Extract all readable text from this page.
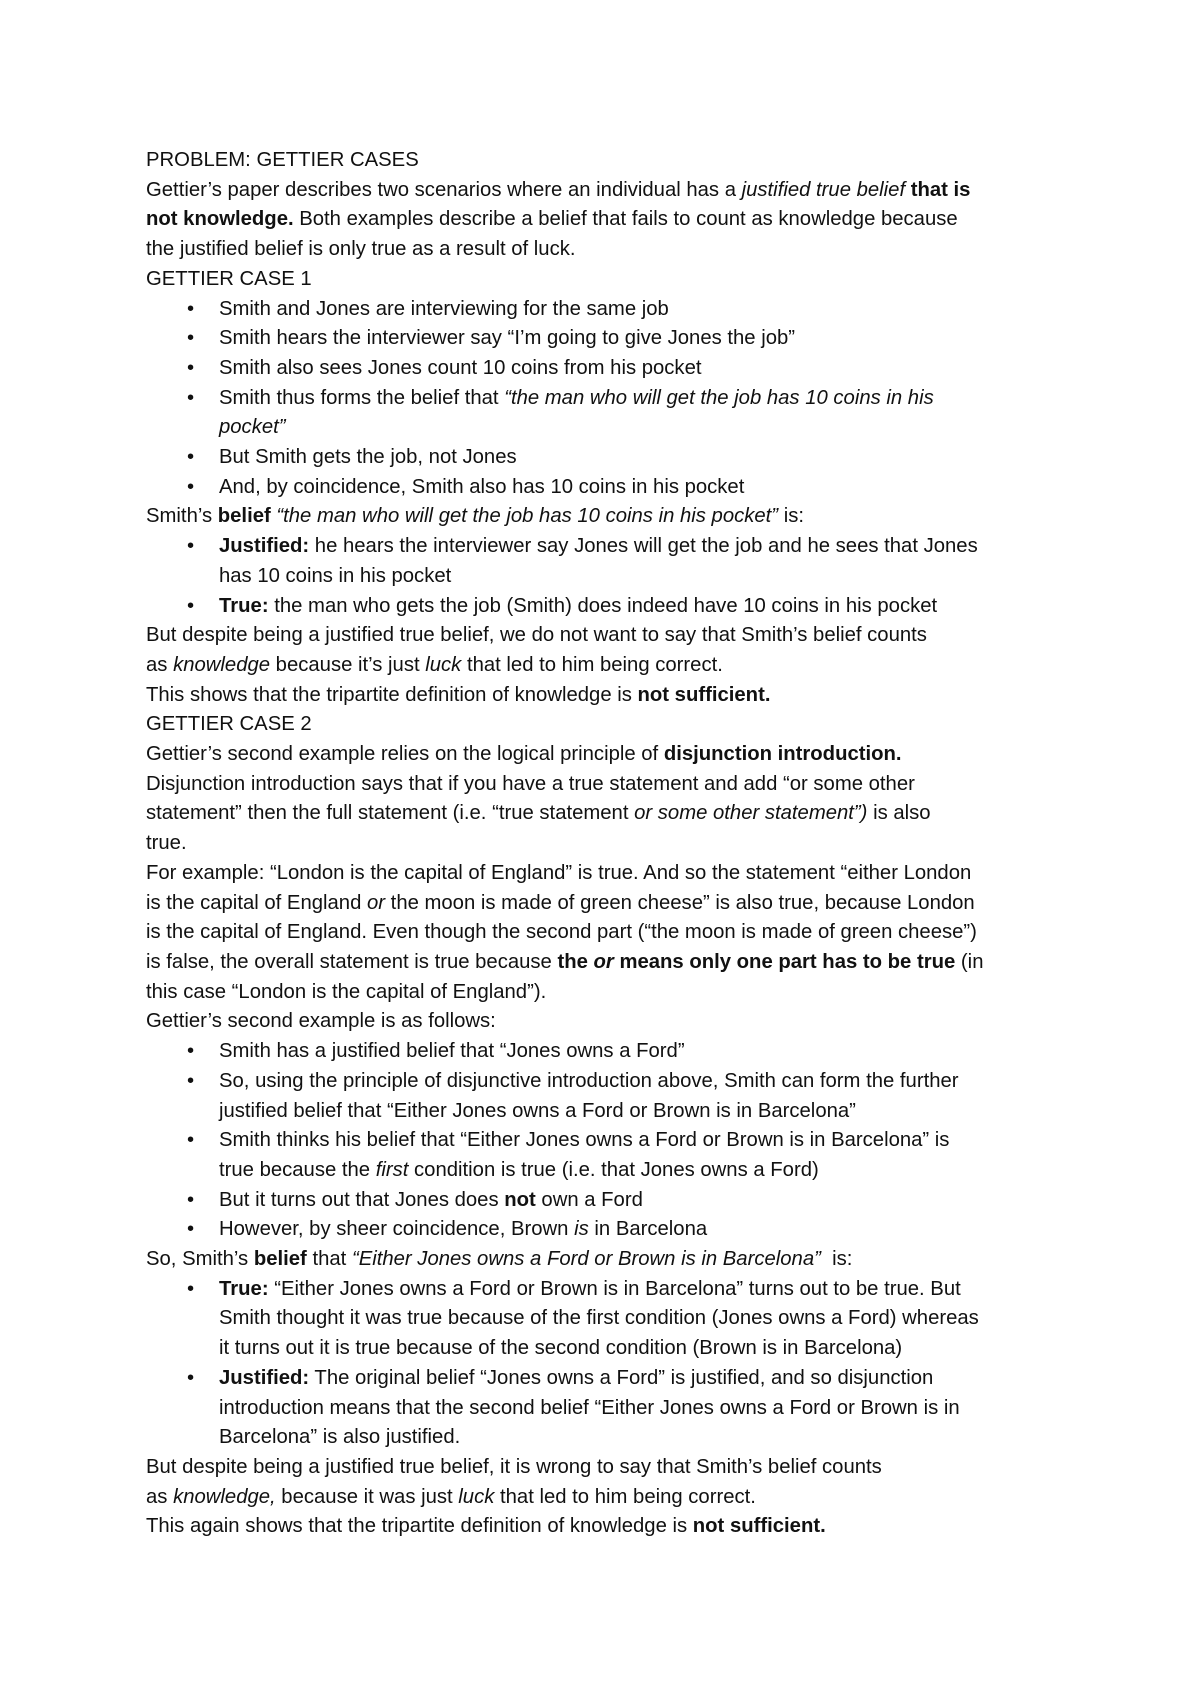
PROBLEM: GETTIER CASES

Gettier’s paper describes two scenarios where an individual has a justified true belief that is

not knowledge. Both examples describe a belief that fails to count as knowledge because

the justified belief is only true as a result of luck.

GETTIER CASE 1

• Smith and Jones are interviewing for the same job
• Smith hears the interviewer say “I’m going to give Jones the job”
• Smith also sees Jones count 10 coins from his pocket
• Smith thus forms the belief that “the man who will get the job has 10 coins in his
pocket”
• But Smith gets the job, not Jones
• And, by coincidence, Smith also has 10 coins in his pocket

Smith’s belief “the man who will get the job has 10 coins in his pocket” is:

• Justified: he hears the interviewer say Jones will get the job and he sees that Jones
has 10 coins in his pocket
• True: the man who gets the job (Smith) does indeed have 10 coins in his pocket

But despite being a justified true belief, we do not want to say that Smith’s belief counts

as knowledge because it’s just luck that led to him being correct.

This shows that the tripartite definition of knowledge is not sufficient.

GETTIER CASE 2

Gettier’s second example relies on the logical principle of disjunction introduction.

Disjunction introduction says that if you have a true statement and add “or some other

statement” then the full statement (i.e. “true statement or some other statement”) is also

true.

For example: “London is the capital of England” is true. And so the statement “either London

is the capital of England or the moon is made of green cheese” is also true, because London

is the capital of England. Even though the second part (“the moon is made of green cheese”)

is false, the overall statement is true because the or means only one part has to be true (in

this case “London is the capital of England”).

Gettier’s second example is as follows:

• Smith has a justified belief that “Jones owns a Ford”
• So, using the principle of disjunctive introduction above, Smith can form the further
justified belief that “Either Jones owns a Ford or Brown is in Barcelona”
• Smith thinks his belief that “Either Jones owns a Ford or Brown is in Barcelona” is
true because the first condition is true (i.e. that Jones owns a Ford)
• But it turns out that Jones does not own a Ford
• However, by sheer coincidence, Brown is in Barcelona

So, Smith’s belief that “Either Jones owns a Ford or Brown is in Barcelona”  is:

• True: “Either Jones owns a Ford or Brown is in Barcelona” turns out to be true. But
Smith thought it was true because of the first condition (Jones owns a Ford) whereas
it turns out it is true because of the second condition (Brown is in Barcelona)
• Justified: The original belief “Jones owns a Ford” is justified, and so disjunction
introduction means that the second belief “Either Jones owns a Ford or Brown is in
Barcelona” is also justified.

But despite being a justified true belief, it is wrong to say that Smith’s belief counts

as knowledge, because it was just luck that led to him being correct.

This again shows that the tripartite definition of knowledge is not sufficient.
